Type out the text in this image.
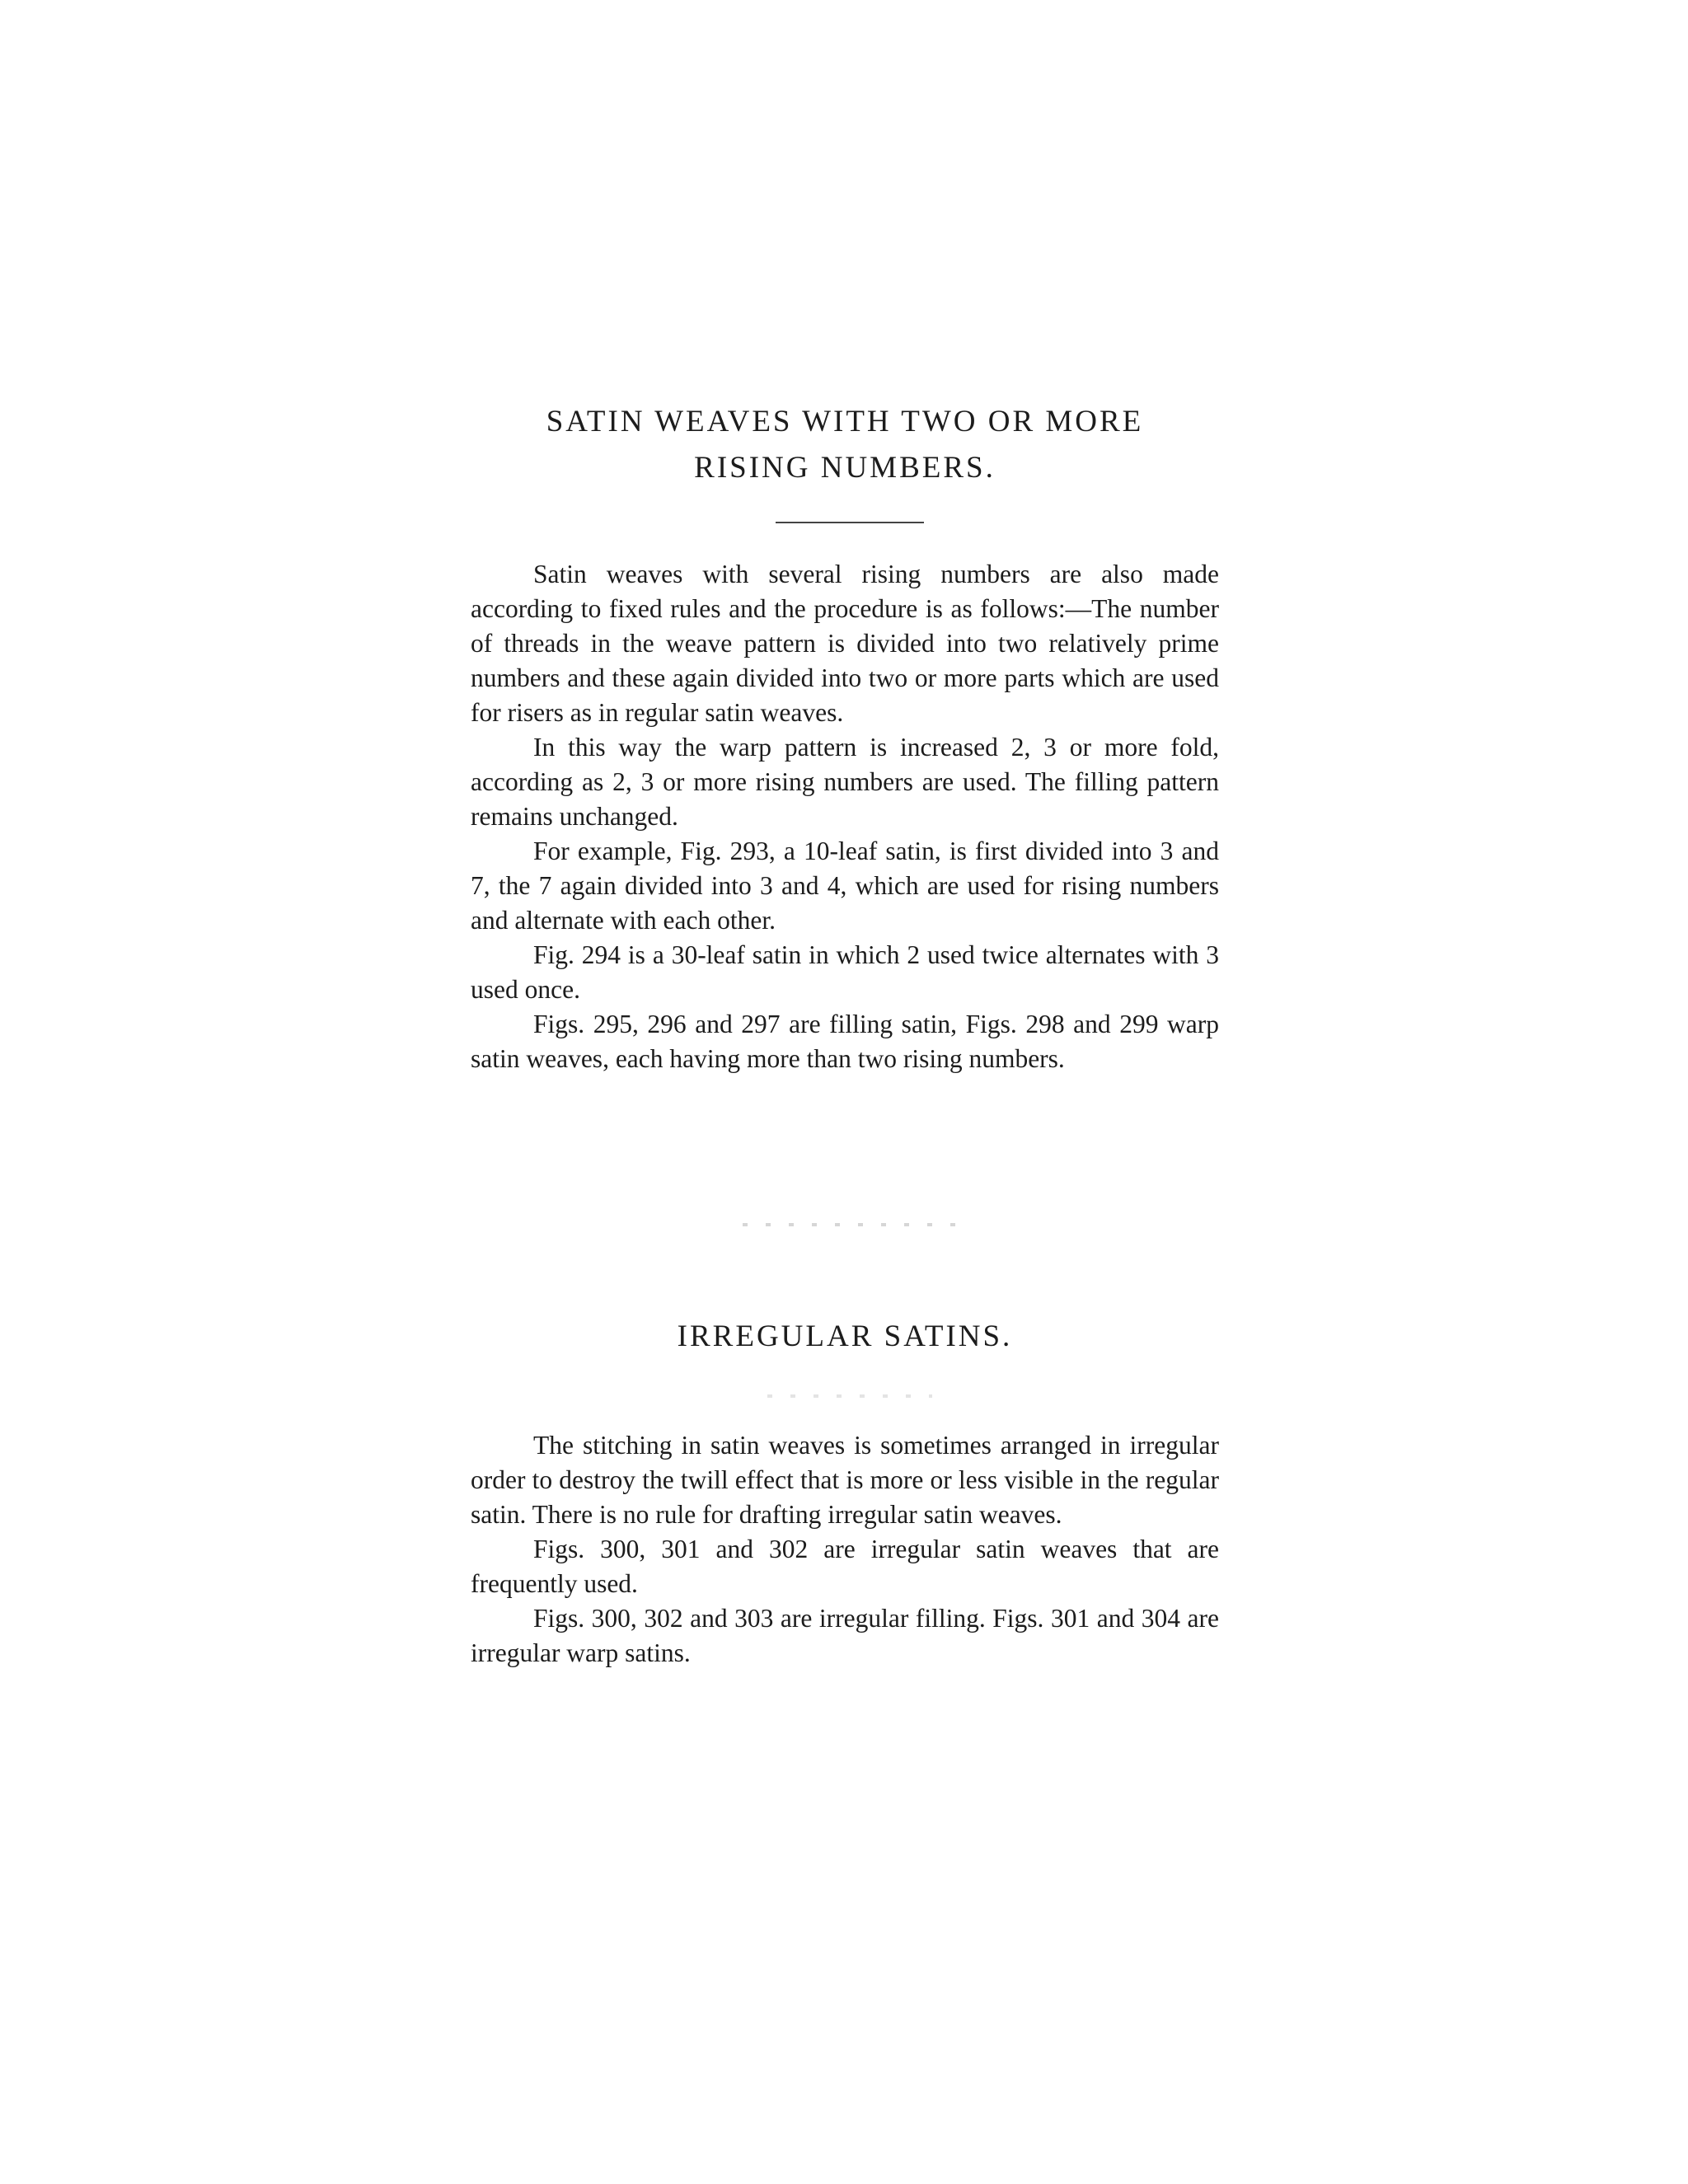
SATIN WEAVES WITH TWO OR MORE
RISING NUMBERS.

Satin weaves with several rising numbers are also made according to fixed rules and the procedure is as follows:—The number of threads in the weave pattern is divided into two relatively prime numbers and these again divided into two or more parts which are used for risers as in regular satin weaves.

In this way the warp pattern is increased 2, 3 or more fold, according as 2, 3 or more rising numbers are used. The filling pattern remains unchanged.

For example, Fig. 293, a 10-leaf satin, is first divided into 3 and 7, the 7 again divided into 3 and 4, which are used for rising numbers and alternate with each other.

Fig. 294 is a 30-leaf satin in which 2 used twice alternates with 3 used once.

Figs. 295, 296 and 297 are filling satin, Figs. 298 and 299 warp satin weaves, each having more than two rising numbers.

IRREGULAR SATINS.

The stitching in satin weaves is sometimes arranged in irregular order to destroy the twill effect that is more or less visible in the regular satin. There is no rule for drafting irregular satin weaves.

Figs. 300, 301 and 302 are irregular satin weaves that are frequently used.

Figs. 300, 302 and 303 are irregular filling. Figs. 301 and 304 are irregular warp satins.
